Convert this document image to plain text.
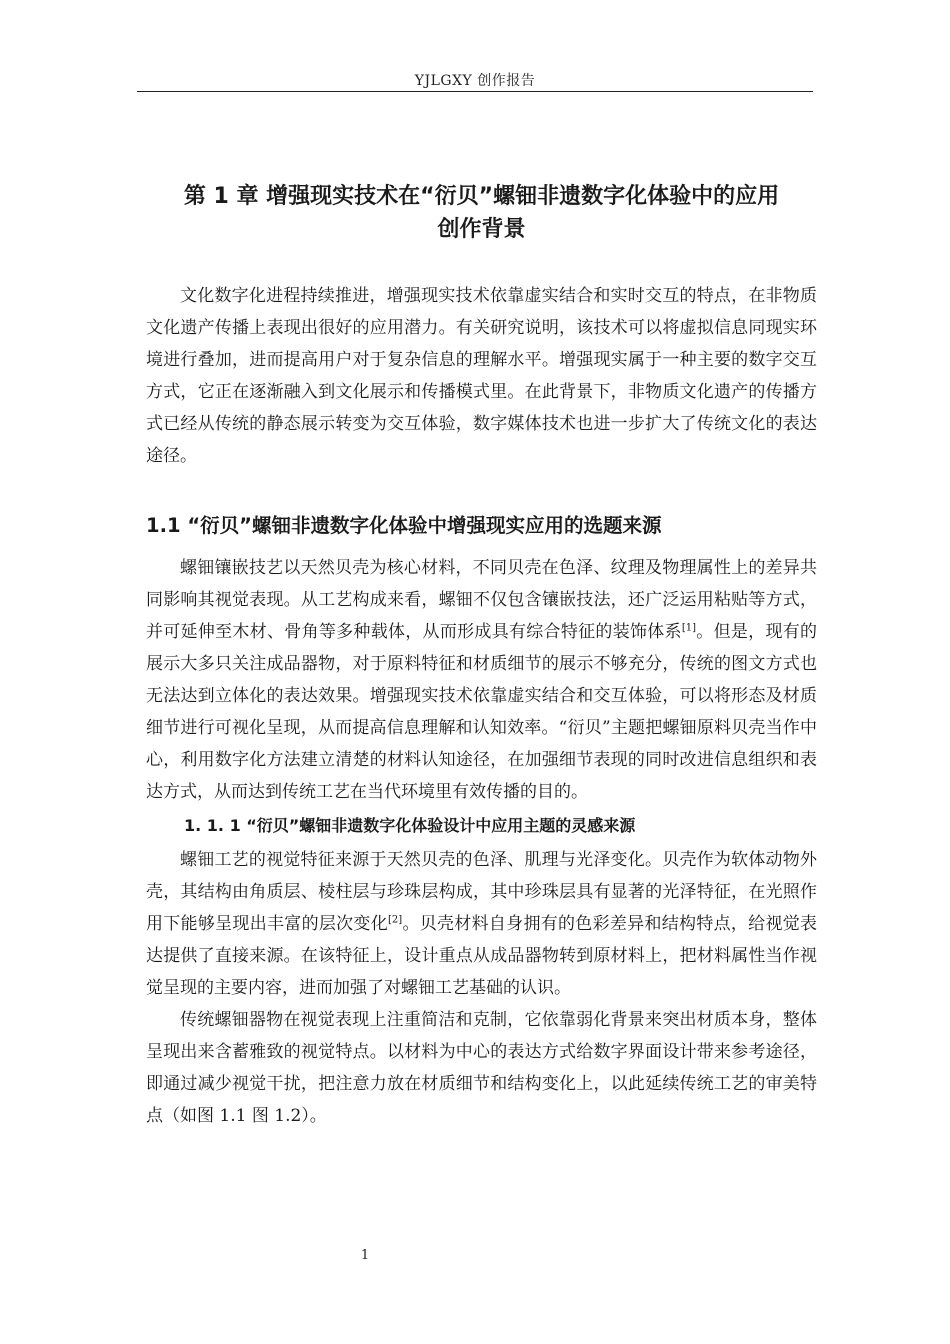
YJLGXY 创作报告
第 1 章 增强现实技术在“衍贝”螺钿非遗数字化体验中的应用
创作背景

文化数字化进程持续推进，增强现实技术依靠虚实结合和实时交互的特点，在非物质文化遗产传播上表现出很好的应用潜力。有关研究说明，该技术可以将虚拟信息同现实环境进行叠加，进而提高用户对于复杂信息的理解水平。增强现实属于一种主要的数字交互方式，它正在逐渐融入到文化展示和传播模式里。在此背景下，非物质文化遗产的传播方式已经从传统的静态展示转变为交互体验，数字媒体技术也进一步扩大了传统文化的表达途径。

1.1 “衍贝”螺钿非遗数字化体验中增强现实应用的选题来源

螺钿镶嵌技艺以天然贝壳为核心材料，不同贝壳在色泽、纹理及物理属性上的差异共同影响其视觉表现。从工艺构成来看，螺钿不仅包含镶嵌技法，还广泛运用粘贴等方式，并可延伸至木材、骨角等多种载体，从而形成具有综合特征的装饰体系[1]。但是，现有的展示大多只关注成品器物，对于原料特征和材质细节的展示不够充分，传统的图文方式也无法达到立体化的表达效果。增强现实技术依靠虚实结合和交互体验，可以将形态及材质细节进行可视化呈现，从而提高信息理解和认知效率。“衍贝”主题把螺钿原料贝壳当作中心，利用数字化方法建立清楚的材料认知途径，在加强细节表现的同时改进信息组织和表达方式，从而达到传统工艺在当代环境里有效传播的目的。

1. 1. 1 “衍贝”螺钿非遗数字化体验设计中应用主题的灵感来源

螺钿工艺的视觉特征来源于天然贝壳的色泽、肌理与光泽变化。贝壳作为软体动物外壳，其结构由角质层、棱柱层与珍珠层构成，其中珍珠层具有显著的光泽特征，在光照作用下能够呈现出丰富的层次变化[2]。贝壳材料自身拥有的色彩差异和结构特点，给视觉表达提供了直接来源。在该特征上，设计重点从成品器物转到原材料上，把材料属性当作视觉呈现的主要内容，进而加强了对螺钿工艺基础的认识。

传统螺钿器物在视觉表现上注重简洁和克制，它依靠弱化背景来突出材质本身，整体呈现出来含蓄雅致的视觉特点。以材料为中心的表达方式给数字界面设计带来参考途径，即通过减少视觉干扰，把注意力放在材质细节和结构变化上，以此延续传统工艺的审美特点（如图 1.1 图 1.2）。

1
